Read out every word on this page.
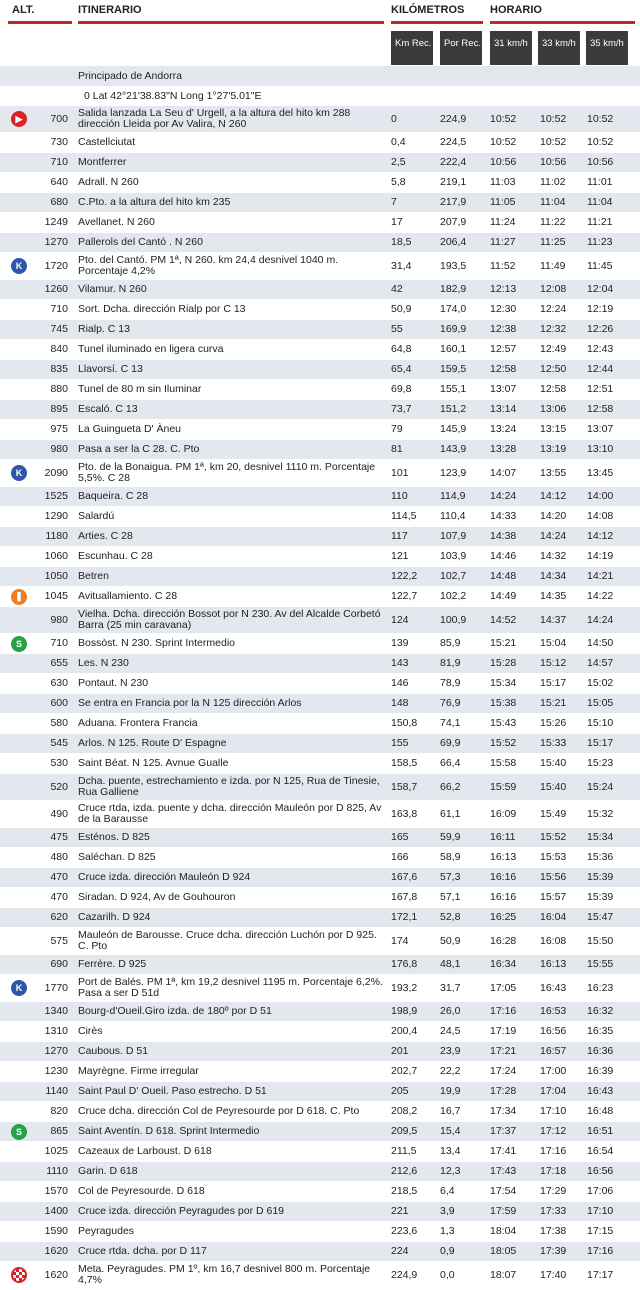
ALT.	ITINERARIO	KILÓMETROS HORARIO
Km Rec.	Por Rec.	31 km/h	33 km/h	35 km/h
Principado de Andorra
0 Lat 42°21'38.83"N Long 1°27'5.01"E
▶	700 Salida lanzada La Seu d' Urgell, a la altura del hito km 288 dirección Lleida por Av Valira, N 260	0	224,9 10:52 10:52 10:52
730 Castellciutat	0,4	224,5 10:52 10:52 10:52
710 Montferrer	2,5	222,4 10:56 10:56 10:56
640 Adrall. N 260	5,8	219,1 11:03 11:02 11:01
680 C.Pto. a la altura del hito km 235	7	217,9 11:05 11:04 11:04
1249 Avellanet. N 260	17	207,9 11:24 11:22 11:21
1270 Pallerols del Cantó . N 260	18,5	206,4 11:27 11:25 11:23
K	1720 Pto. del Cantó. PM 1ª, N 260. km 24,4 desnivel 1040 m. Porcentaje 4,2%	31,4	193,5 11:52 11:49 11:45
1260 Vilamur. N 260	42	182,9 12:13 12:08 12:04
710 Sort. Dcha. dirección Rialp por C 13	50,9	174,0 12:30 12:24 12:19
745 Rialp. C 13	55	169,9 12:38 12:32 12:26
840 Tunel iluminado en ligera curva	64,8	160,1 12:57 12:49 12:43
835 Llavorsí. C 13	65,4	159,5 12:58 12:50 12:44
880 Tunel de 80 m sin Iluminar	69,8	155,1 13:07 12:58 12:51
895 Escaló. C 13	73,7	151,2 13:14 13:06 12:58
975 La Guingueta D' Àneu	79	145,9 13:24 13:15 13:07
980 Pasa a ser la C 28. C. Pto	81	143,9 13:28 13:19 13:10
K	2090 Pto. de la Bonaigua. PM 1ª, km 20, desnivel 1110 m. Porcentaje 5,5%. C 28	101	123,9 14:07 13:55 13:45
1525 Baqueira. C 28	110	114,9 14:24 14:12 14:00
1290 Salardú	114,5 110,4 14:33 14:20 14:08
1180 Arties. C 28	117	107,9 14:38 14:24 14:12
1060 Escunhau. C 28	121	103,9 14:46 14:32 14:19
1050 Betren	122,2 102,7 14:48 14:34 14:21
❚	1045 Avituallamiento. C 28	122,7 102,2 14:49 14:35 14:22
980 Vielha. Dcha. dirección Bossot por N 230. Av del Alcalde Corbetó Barra (25 min caravana)	124	100,9 14:52 14:37 14:24
S	710 Bossòst. N 230. Sprint Intermedio	139	85,9	15:21 15:04 14:50
655 Les. N 230	143	81,9	15:28 15:12 14:57
630 Pontaut. N 230	146	78,9	15:34 15:17 15:02
600 Se entra en Francia por la N 125 dirección Arlos	148	76,9	15:38 15:21 15:05
580 Aduana. Frontera Francia	150,8 74,1	15:43 15:26 15:10
545 Arlos. N 125. Route D' Espagne	155	69,9	15:52 15:33 15:17
530 Saint Béat. N 125. Avnue Gualle	158,5 66,4	15:58 15:40 15:23
520 Dcha. puente, estrechamiento e izda. por N 125, Rua de Tinesie, Rua Galliene	158,7 66,2	15:59 15:40 15:24
490 Cruce rtda, izda. puente y dcha. dirección Mauleón por D 825, Av de la Barausse	163,8 61,1	16:09 15:49 15:32
475 Esténos. D 825	165	59,9	16:11 15:52 15:34
480 Saléchan. D 825	166	58,9	16:13 15:53 15:36
470 Cruce izda. dirección Mauleón D 924	167,6 57,3	16:16 15:56 15:39
470 Siradan. D 924, Av de Gouhouron	167,8 57,1	16:16 15:57 15:39
620 Cazarilh. D 924	172,1 52,8	16:25 16:04 15:47
575 Mauleón de Barousse. Cruce dcha. dirección Luchón por D 925. C. Pto	174	50,9	16:28 16:08 15:50
690 Ferrère. D 925	176,8 48,1	16:34 16:13 15:55
K	1770 Port de Balés. PM 1ª, km 19,2 desnivel 1195 m. Porcentaje 6,2%. Pasa a ser D 51d	193,2 31,7	17:05 16:43 16:23
1340 Bourg-d'Oueil.Giro izda. de 180º por D 51	198,9 26,0	17:16 16:53 16:32
1310 Cirès	200,4 24,5	17:19 16:56 16:35
1270 Caubous. D 51	201	23,9	17:21 16:57 16:36
1230 Mayrègne. Firme irregular	202,7 22,2	17:24 17:00 16:39
1140 Saint Paul D' Oueil. Paso estrecho. D 51	205	19,9	17:28 17:04 16:43
820 Cruce dcha. dirección Col de Peyresourde por D 618. C. Pto	208,2 16,7	17:34 17:10 16:48
S	865 Saint Aventín. D 618. Sprint Intermedio	209,5 15,4	17:37 17:12 16:51
1025 Cazeaux de Larboust. D 618	211,5 13,4	17:41 17:16 16:54
1110 Garin. D 618	212,6 12,3	17:43 17:18 16:56
1570 Col de Peyresourde. D 618	218,5 6,4	17:54 17:29 17:06
1400 Cruce izda. dirección Peyragudes por D 619	221	3,9	17:59 17:33 17:10
1590 Peyragudes	223,6 1,3	18:04 17:38 17:15
1620 Cruce rtda. dcha. por D 117	224	0,9	18:05 17:39 17:16
1620 Meta. Peyragudes. PM 1º, km 16,7 desnivel 800 m. Porcentaje 4,7%	224,9 0,0	18:07 17:40 17:17
